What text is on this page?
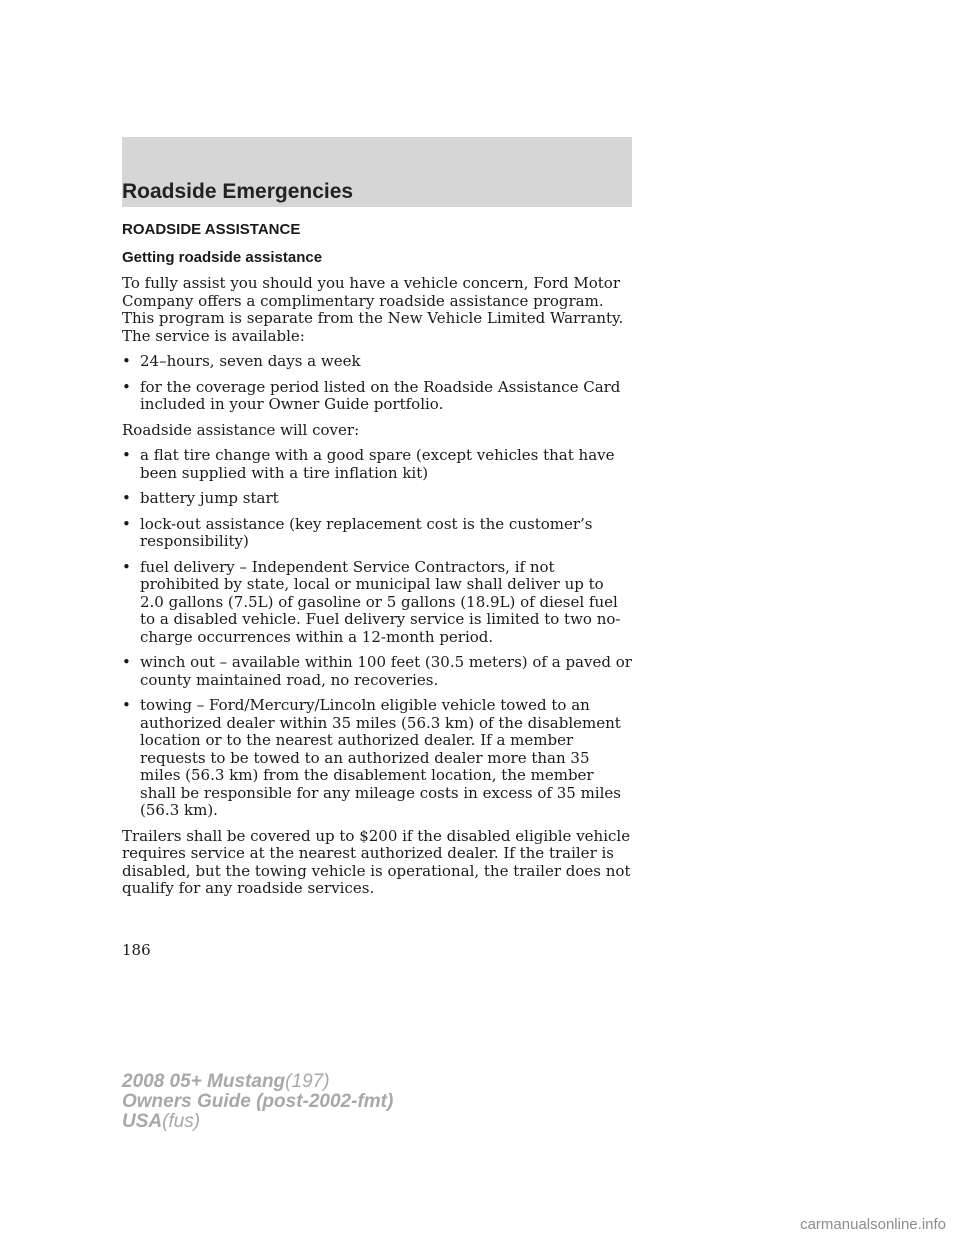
Roadside Emergencies
ROADSIDE ASSISTANCE
Getting roadside assistance

To fully assist you should you have a vehicle concern, Ford Motor Company offers a complimentary roadside assistance program. This program is separate from the New Vehicle Limited Warranty. The service is available:

• 24–hours, seven days a week
• for the coverage period listed on the Roadside Assistance Card included in your Owner Guide portfolio.

Roadside assistance will cover:

• a flat tire change with a good spare (except vehicles that have been supplied with a tire inflation kit)
• battery jump start
• lock-out assistance (key replacement cost is the customer’s responsibility)
• fuel delivery – Independent Service Contractors, if not prohibited by state, local or municipal law shall deliver up to 2.0 gallons (7.5L) of gasoline or 5 gallons (18.9L) of diesel fuel to a disabled vehicle. Fuel delivery service is limited to two no-charge occurrences within a 12-month period.
• winch out – available within 100 feet (30.5 meters) of a paved or county maintained road, no recoveries.
• towing – Ford/Mercury/Lincoln eligible vehicle towed to an authorized dealer within 35 miles (56.3 km) of the disablement location or to the nearest authorized dealer. If a member requests to be towed to an authorized dealer more than 35 miles (56.3 km) from the disablement location, the member shall be responsible for any mileage costs in excess of 35 miles (56.3 km).

Trailers shall be covered up to $200 if the disabled eligible vehicle requires service at the nearest authorized dealer. If the trailer is disabled, but the towing vehicle is operational, the trailer does not qualify for any roadside services.

186
2008 05+ Mustang(197)
Owners Guide (post-2002-fmt)
USA(fus)
carmanualsonline.info
